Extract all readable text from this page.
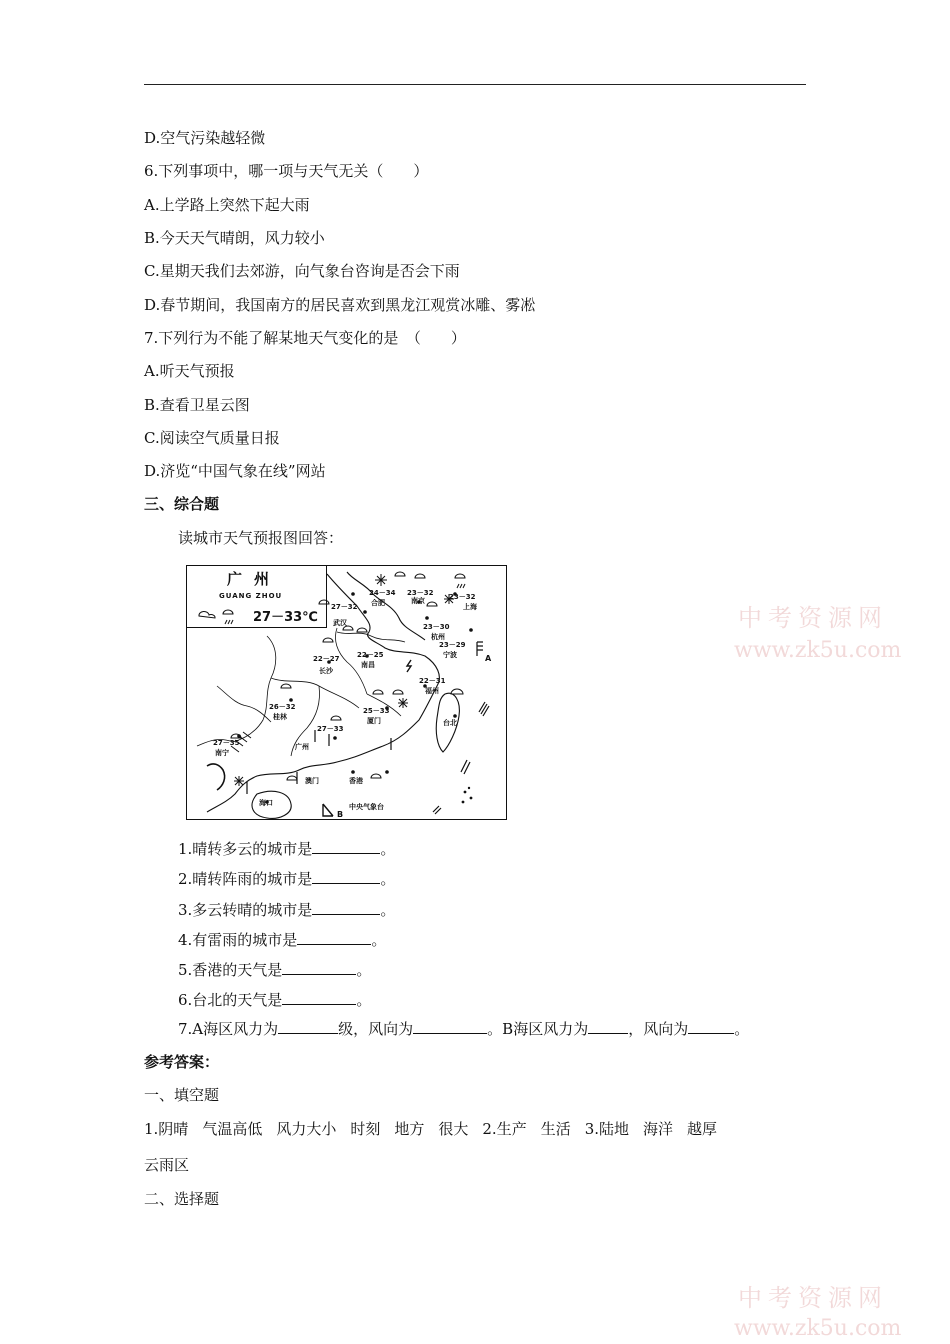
D.空气污染越轻微
6.下列事项中，哪一项与天气无关（　　）
A.上学路上突然下起大雨
B.今天天气晴朗，风力较小
C.星期天我们去郊游，向气象台咨询是否会下雨
D.春节期间，我国南方的居民喜欢到黑龙江观赏冰雕、雾凇
7.下列行为不能了解某地天气变化的是　（　　）
A.听天气预报
B.查看卫星云图
C.阅读空气质量日报
D.济览“中国气象在线”网站
三、综合题
读城市天气预报图回答：
广州
GUANG ZHOU
27－33℃
24－34
合肥
23－32
南京	23－32
上海
27－32
武汉	23－30
杭州
23－29
宁波
22－27
长沙
22－25
南昌
22－31
福州
25－33
厦门	台北
26－32
桂林
27－33
广州
27－35
南宁
澳门	香港
海口
A
B
中央气象台
1.晴转多云的城市是	。
2.晴转阵雨的城市是	。
3.多云转晴的城市是	。
4.有雷雨的城市是	。
5.香港的天气是	。
6.台北的天气是	。
7.A海区风力为	级，风向为	。B海区风力为	，风向为	。
参考答案：
一、填空题
1.阴晴 气温高低 风力大小 时刻 地方 很大 2.生产 生活 3.陆地 海洋 越厚
云雨区
二、选择题
中考资源网
www.zk5u.com
中考资源网
www.zk5u.com
